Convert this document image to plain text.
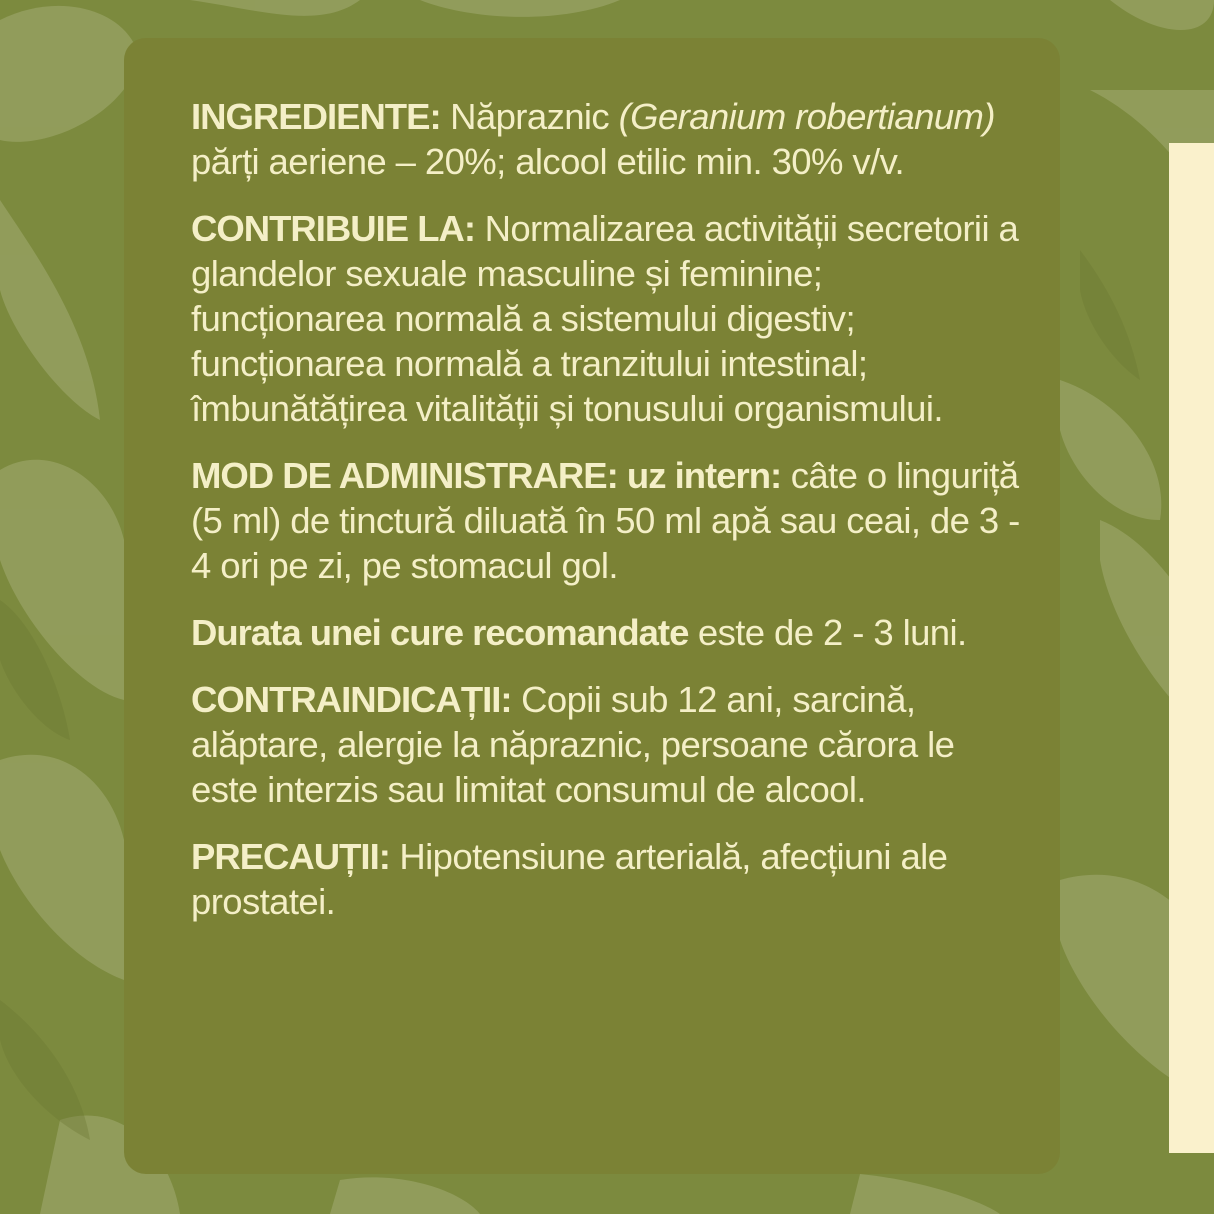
INGREDIENTE: Năpraznic (Geranium robertianum) părți aeriene – 20%; alcool etilic min. 30% v/v.

CONTRIBUIE LA: Normalizarea activității secretorii a glandelor sexuale masculine și feminine; funcționarea normală a sistemului digestiv; funcționarea normală a tranzitului intestinal; îmbunătățirea vitalității și tonusului organismului.

MOD DE ADMINISTRARE: uz intern: câte o linguriță (5 ml) de tinctură diluată în 50 ml apă sau ceai, de 3 - 4 ori pe zi, pe stomacul gol.

Durata unei cure recomandate este de 2 - 3 luni.

CONTRAINDICAȚII: Copii sub 12 ani, sarcină, alăptare, alergie la năpraznic, persoane cărora le este interzis sau limitat consumul de alcool.

PRECAUȚII: Hipotensiune arterială, afecțiuni ale prostatei.
